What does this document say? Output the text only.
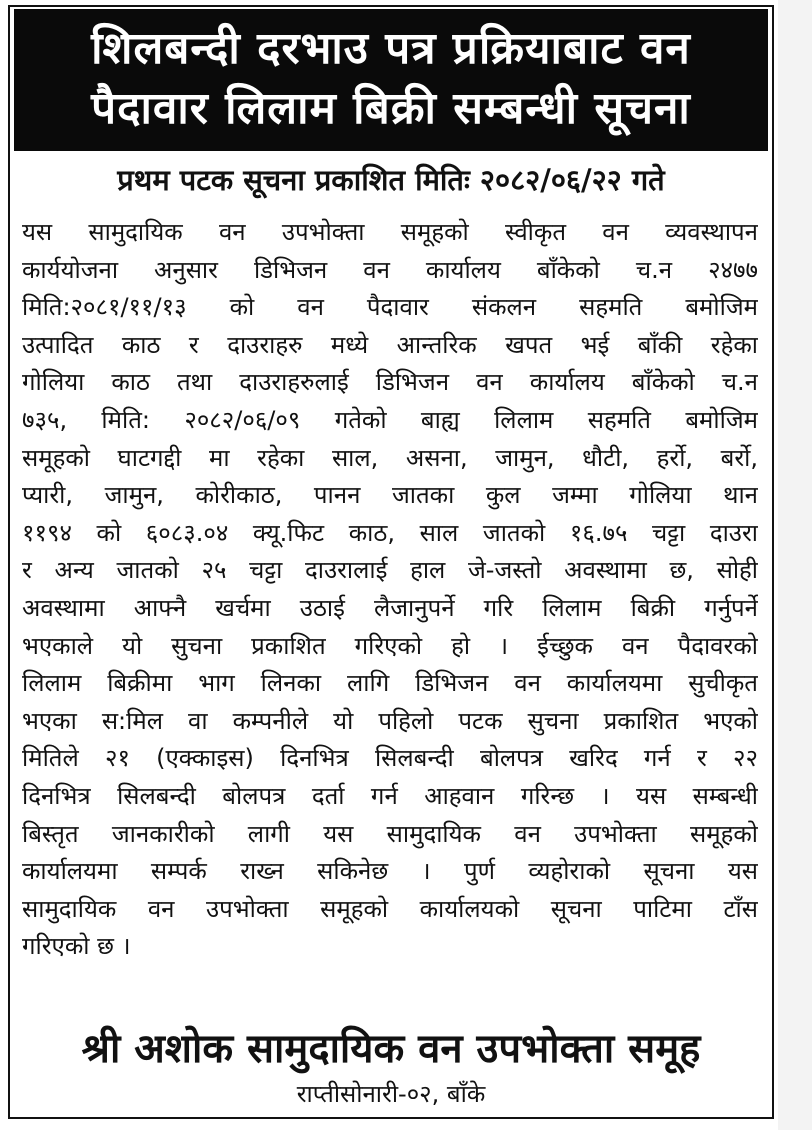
शिलबन्दी दरभाउ पत्र प्रक्रियाबाट वन
पैदावार लिलाम बिक्री सम्बन्धी सूचना
प्रथम पटक सूचना प्रकाशित मितिः २०८२/०६/२२ गते
यस सामुदायिक वन उपभोक्ता समूहको स्वीकृत वन व्यवस्थापन
कार्ययोजना अनुसार डिभिजन वन कार्यालय बाँकेको च.न २४७७
मिति:२०८१/११/१३ को वन पैदावार संकलन सहमति बमोजिम
उत्पादित काठ र दाउराहरु मध्ये आन्तरिक खपत भई बाँकी रहेका
गोलिया काठ तथा दाउराहरुलाई डिभिजन वन कार्यालय बाँकेको च.न
७३५, मिति: २०८२/०६/०९ गतेको बाह्य लिलाम सहमति बमोजिम
समूहको घाटगद्दी मा रहेका साल, असना, जामुन, धौटी, हर्रो, बर्रो,
प्यारी, जामुन, कोरीकाठ, पानन जातका कुल जम्मा गोलिया थान
११९४ को ६०८३.०४ क्यू.फिट काठ, साल जातको १६.७५ चट्टा दाउरा
र अन्य जातको २५ चट्टा दाउरालाई हाल जे-जस्तो अवस्थामा छ, सोही
अवस्थामा आफ्नै खर्चमा उठाई लैजानुपर्ने गरि लिलाम बिक्री गर्नुपर्ने
भएकाले यो सुचना प्रकाशित गरिएको हो । ईच्छुक वन पैदावरको
लिलाम बिक्रीमा भाग लिनका लागि डिभिजन वन कार्यालयमा सुचीकृत
भएका स:मिल वा कम्पनीले यो पहिलो पटक सुचना प्रकाशित भएको
मितिले २१ (एक्काइस) दिनभित्र सिलबन्दी बोलपत्र खरिद गर्न र २२
दिनभित्र सिलबन्दी बोलपत्र दर्ता गर्न आहवान गरिन्छ । यस सम्बन्धी
बिस्तृत जानकारीको लागी यस सामुदायिक वन उपभोक्ता समूहको
कार्यालयमा सम्पर्क राख्न सकिनेछ । पुर्ण व्यहोराको सूचना यस
सामुदायिक वन उपभोक्ता समूहको कार्यालयको सूचना पाटिमा टाँस
गरिएको छ ।
श्री अशोक सामुदायिक वन उपभोक्ता समूह
राप्तीसोनारी-०२, बाँके
